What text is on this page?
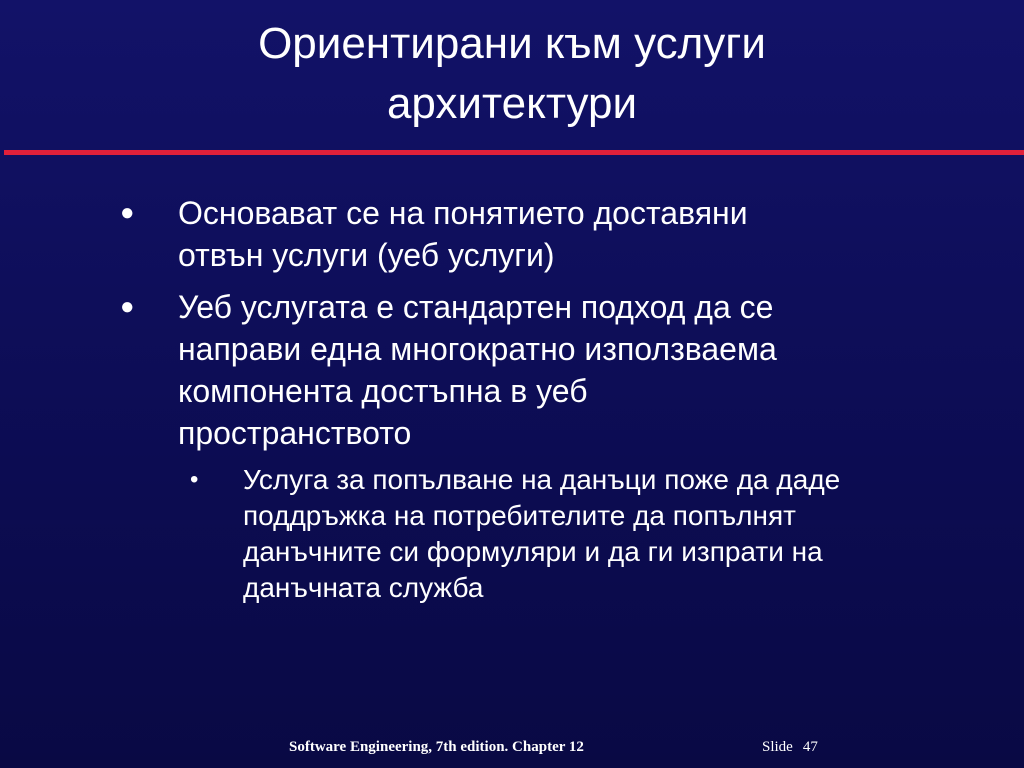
Ориентирани към услуги
архитектури
● Основават се на понятието доставяни
отвън услуги (уеб услуги)
● Уеб услугата е стандартен подход да се
направи една многократно използваема
компонента достъпна в уеб
пространството
• Услуга за попълване на данъци поже да даде
поддръжка на потребителите да попълнят
данъчните си формуляри и да ги изпрати на
данъчната служба
Software Engineering, 7th edition. Chapter 12	Slide 47
